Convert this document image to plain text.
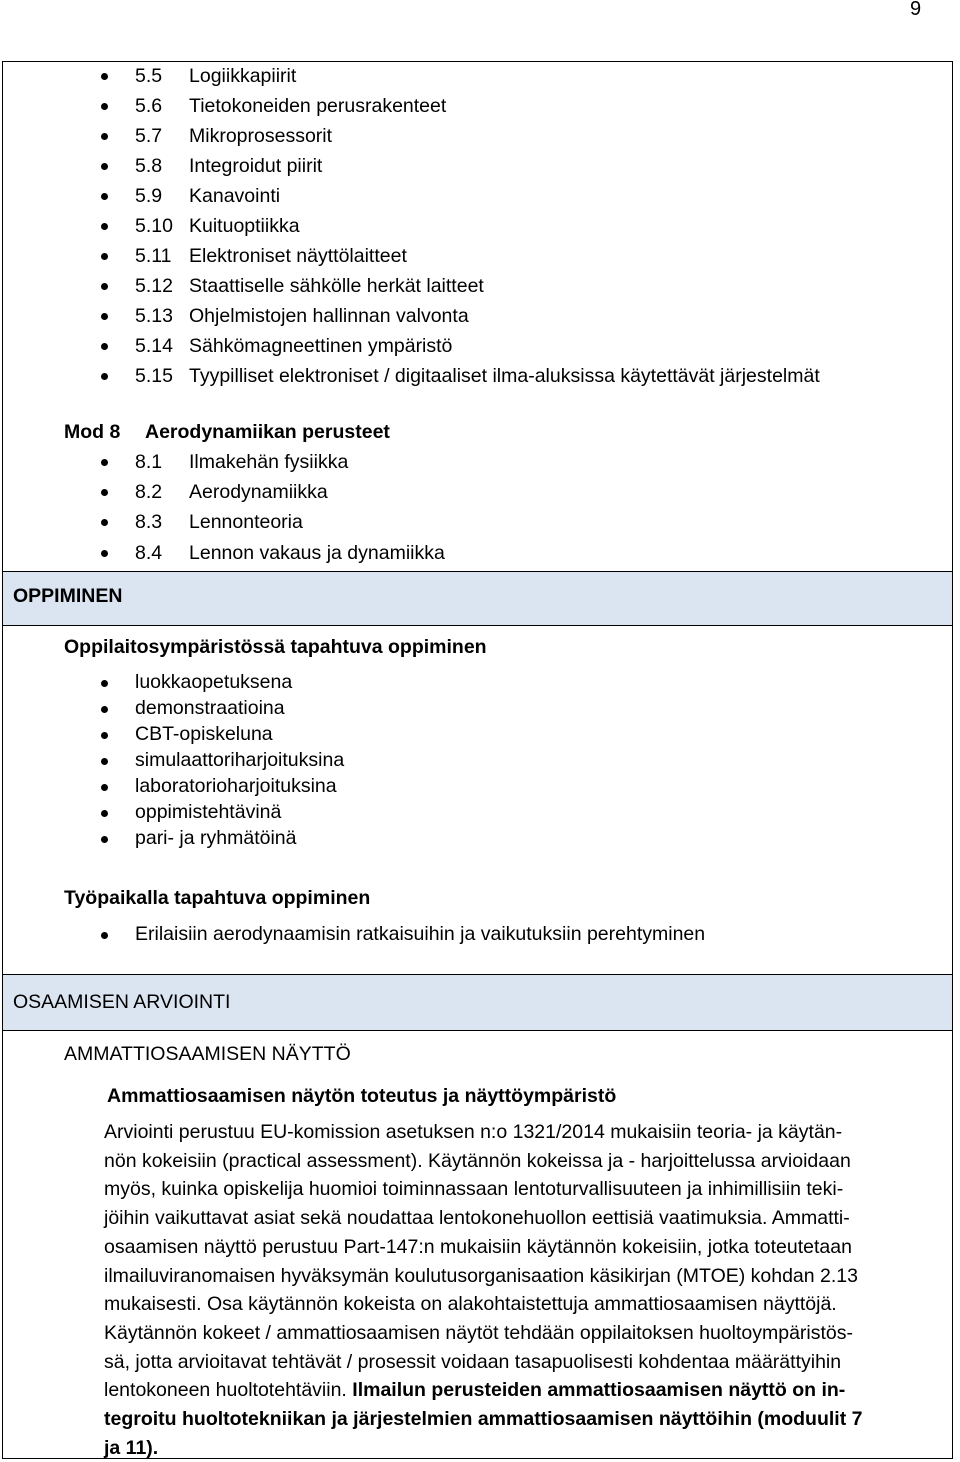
9
5.5 Logiikkapiirit
5.6 Tietokoneiden perusrakenteet
5.7 Mikroprosessorit
5.8 Integroidut piirit
5.9 Kanavointi
5.10 Kuituoptiikka
5.11 Elektroniset näyttölaitteet
5.12 Staattiselle sähkölle herkät laitteet
5.13 Ohjelmistojen hallinnan valvonta
5.14 Sähkömagneettinen ympäristö
5.15 Tyypilliset elektroniset / digitaaliset ilma-aluksissa käytettävät järjestelmät
Mod 8 Aerodynamiikan perusteet
8.1 Ilmakehän fysiikka
8.2 Aerodynamiikka
8.3 Lennonteoria
8.4 Lennon vakaus ja dynamiikka
OPPIMINEN
Oppilaitosympäristössä tapahtuva oppiminen
luokkaopetuksena
demonstraatioina
CBT-opiskeluna
simulaattoriharjoituksina
laboratorioharjoituksina
oppimistehtävinä
pari- ja ryhmätöinä
Työpaikalla tapahtuva oppiminen
Erilaisiin aerodynaamisin ratkaisuihin ja vaikutuksiin perehtyminen
OSAAMISEN ARVIOINTI
AMMATTIOSAAMISEN NÄYTTÖ
Ammattiosaamisen näytön toteutus ja näyttöympäristö

Arviointi perustuu EU-komission asetuksen n:o 1321/2014 mukaisiin teoria- ja käytän-

nön kokeisiin (practical assessment). Käytännön kokeissa ja - harjoittelussa arvioidaan

myös, kuinka opiskelija huomioi toiminnassaan lentoturvallisuuteen ja inhimillisiin teki-

jöihin vaikuttavat asiat sekä noudattaa lentokonehuollon eettisiä vaatimuksia. Ammatti-

osaamisen näyttö perustuu Part-147:n mukaisiin käytännön kokeisiin, jotka toteutetaan

ilmailuviranomaisen hyväksymän koulutusorganisaation käsikirjan (MTOE) kohdan 2.13

mukaisesti. Osa käytännön kokeista on alakohtaistettuja ammattiosaamisen näyttöjä.

Käytännön kokeet / ammattiosaamisen näytöt tehdään oppilaitoksen huoltoympäristös-

sä, jotta arvioitavat tehtävät / prosessit voidaan tasapuolisesti kohdentaa määrättyihin

lentokoneen huoltotehtäviin. Ilmailun perusteiden ammattiosaamisen näyttö on in-

tegroitu huoltotekniikan ja järjestelmien ammattiosaamisen näyttöihin (moduulit 7

ja 11).
